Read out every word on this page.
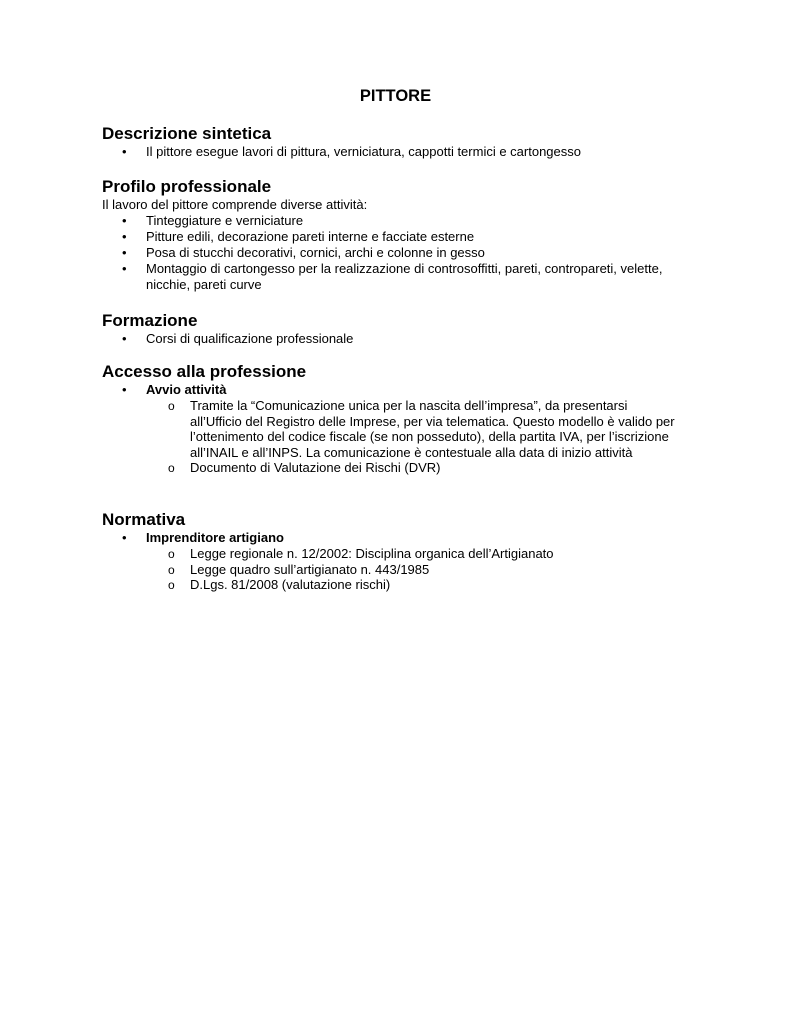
PITTORE
Descrizione sintetica
• Il pittore esegue lavori di pittura, verniciatura, cappotti termici e cartongesso
Profilo professionale
Il lavoro del pittore comprende diverse attività:
• Tinteggiature e verniciature
• Pitture edili, decorazione pareti interne e facciate esterne
• Posa di stucchi decorativi, cornici, archi e colonne in gesso
• Montaggio di cartongesso per la realizzazione di controsoffitti, pareti, contropareti, velette, nicchie, pareti curve
Formazione
• Corsi di qualificazione professionale
Accesso alla professione
• Avvio attività
o Tramite la “Comunicazione unica per la nascita dell’impresa”, da presentarsi all’Ufficio del Registro delle Imprese, per via telematica. Questo modello è valido per l’ottenimento del codice fiscale (se non posseduto), della partita IVA, per l’iscrizione all’INAIL e all’INPS. La comunicazione è contestuale alla data di inizio attività
o Documento di Valutazione dei Rischi (DVR)
Normativa
• Imprenditore artigiano
o Legge regionale n. 12/2002: Disciplina organica dell’Artigianato
o Legge quadro sull’artigianato n. 443/1985
o D.Lgs. 81/2008 (valutazione rischi)
